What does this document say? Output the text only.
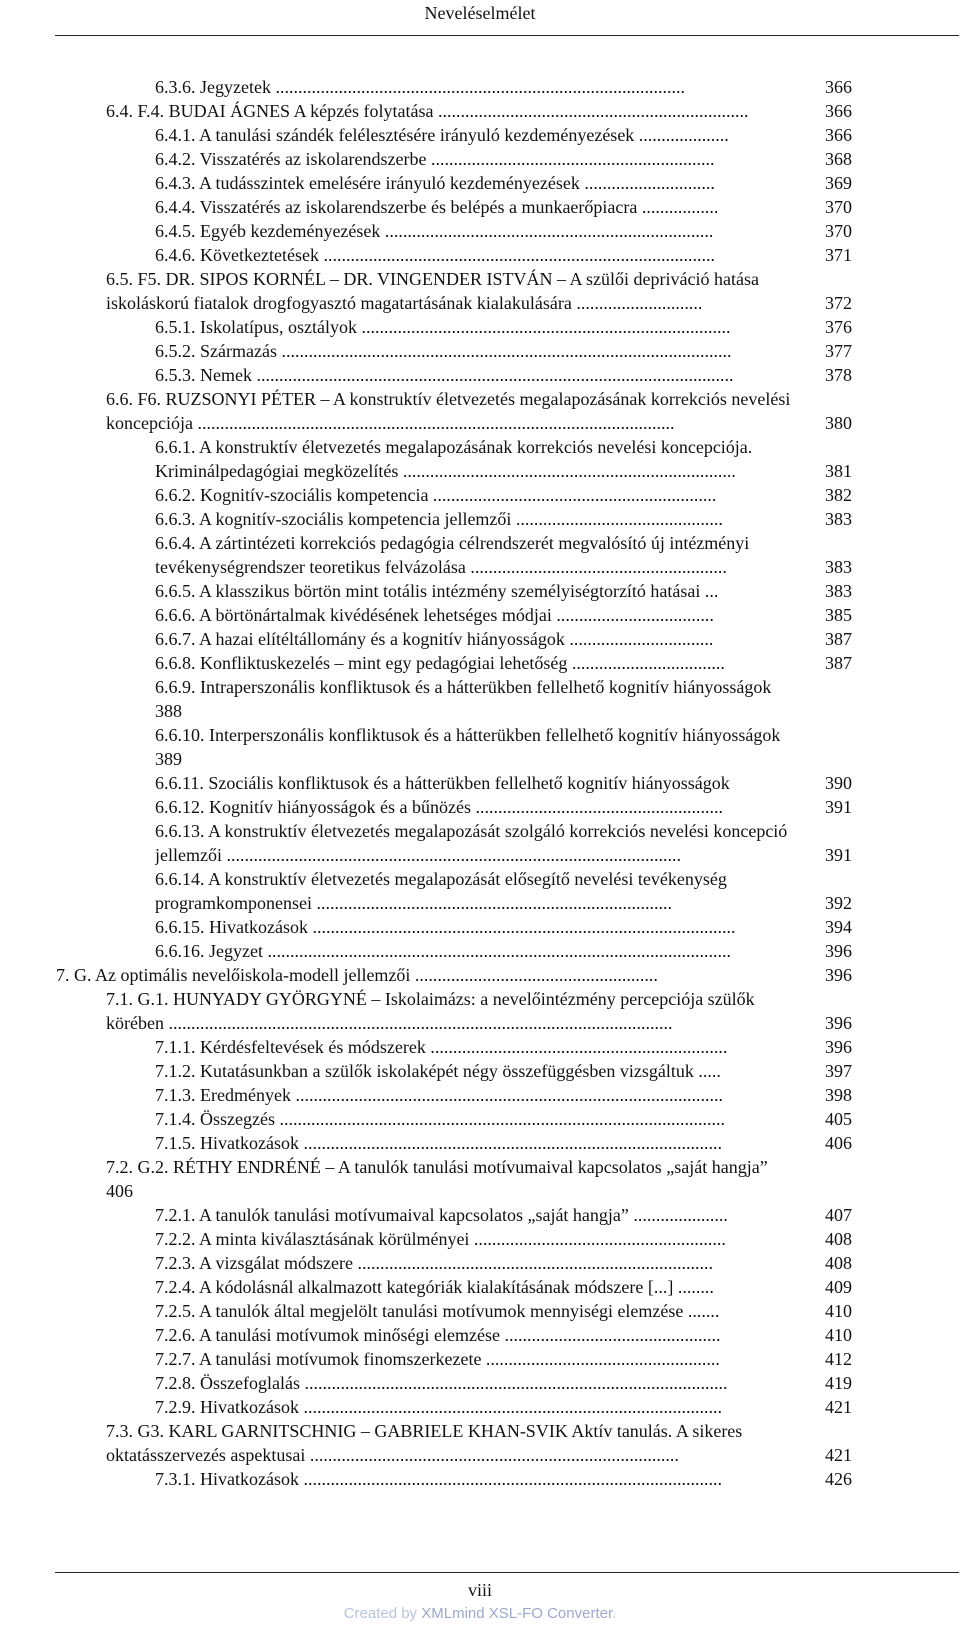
Neveléselmélet
6.3.6. Jegyzetek ...........................................................................................	366
6.4. F.4. BUDAI ÁGNES A képzés folytatása .....................................................................	366
6.4.1. A tanulási szándék felélesztésére irányuló kezdeményezések ....................	366
6.4.2. Visszatérés az iskolarendszerbe ...............................................................	368
6.4.3. A tudásszintek emelésére irányuló kezdeményezések .............................	369
6.4.4. Visszatérés az iskolarendszerbe és belépés a munkaerőpiacra .................	370
6.4.5. Egyéb kezdeményezések .........................................................................	370
6.4.6. Következtetések .......................................................................................	371
6.5. F5. DR. SIPOS KORNÉL – DR. VINGENDER ISTVÁN – A szülői depriváció hatása
iskoláskorú fiatalok drogfogyasztó magatartásának kialakulására ............................	372
6.5.1. Iskolatípus, osztályok ..................................................................................	376
6.5.2. Származás ....................................................................................................	377
6.5.3. Nemek ..........................................................................................................	378
6.6. F6. RUZSONYI PÉTER – A konstruktív életvezetés megalapozásának korrekciós nevelési
koncepciója ..........................................................................................................	380
6.6.1. A konstruktív életvezetés megalapozásának korrekciós nevelési koncepciója.
Kriminálpedagógiai megközelítés ..........................................................................	381
6.6.2. Kognitív-szociális kompetencia ...............................................................	382
6.6.3. A kognitív-szociális kompetencia jellemzői ..............................................	383
6.6.4. A zártintézeti korrekciós pedagógia célrendszerét megvalósító új intézményi
tevékenységrendszer teoretikus felvázolása .........................................................	383
6.6.5. A klasszikus börtön mint totális intézmény személyiségtorzító hatásai ...	383
6.6.6. A börtönártalmak kivédésének lehetséges módjai ...................................	385
6.6.7. A hazai elítéltállomány és a kognitív hiányosságok ................................	387
6.6.8. Konfliktuskezelés – mint egy pedagógiai lehetőség ..................................	387
6.6.9. Intraperszonális konfliktusok és a hátterükben fellelhető kognitív hiányosságok
388
6.6.10. Interperszonális konfliktusok és a hátterükben fellelhető kognitív hiányosságok
389
6.6.11. Szociális konfliktusok és a hátterükben fellelhető kognitív hiányosságok	390
6.6.12. Kognitív hiányosságok és a bűnözés .......................................................	391
6.6.13. A konstruktív életvezetés megalapozását szolgáló korrekciós nevelési koncepció
jellemzői .....................................................................................................	391
6.6.14. A konstruktív életvezetés megalapozását elősegítő nevelési tevékenység
programkomponensei ...............................................................................	392
6.6.15. Hivatkozások ..............................................................................................	394
6.6.16. Jegyzet .......................................................................................................	396
7. G. Az optimális nevelőiskola-modell jellemzői ......................................................	396
7.1. G.1. HUNYADY GYÖRGYNÉ – Iskolaimázs: a nevelőintézmény percepciója szülők
körében ................................................................................................................	396
7.1.1. Kérdésfeltevések és módszerek ..................................................................	396
7.1.2. Kutatásunkban a szülők iskolaképét négy összefüggésben vizsgáltuk .....	397
7.1.3. Eredmények ...............................................................................................	398
7.1.4. Összegzés ...................................................................................................	405
7.1.5. Hivatkozások .............................................................................................	406
7.2. G.2. RÉTHY ENDRÉNÉ – A tanulók tanulási motívumaival kapcsolatos „saját hangja”
406
7.2.1. A tanulók tanulási motívumaival kapcsolatos „saját hangja” .....................	407
7.2.2. A minta kiválasztásának körülményei ........................................................	408
7.2.3. A vizsgálat módszere ...............................................................................	408
7.2.4. A kódolásnál alkalmazott kategóriák kialakításának módszere [...] ........	409
7.2.5. A tanulók által megjelölt tanulási motívumok mennyiségi elemzése .......	410
7.2.6. A tanulási motívumok minőségi elemzése ................................................	410
7.2.7. A tanulási motívumok finomszerkezete ....................................................	412
7.2.8. Összefoglalás ..............................................................................................	419
7.2.9. Hivatkozások .............................................................................................	421
7.3. G3. KARL GARNITSCHNIG – GABRIELE KHAN-SVIK Aktív tanulás. A sikeres
oktatásszervezés aspektusai ..................................................................................	421
7.3.1. Hivatkozások .............................................................................................	426
viii
Created by XMLmind XSL-FO Converter.
